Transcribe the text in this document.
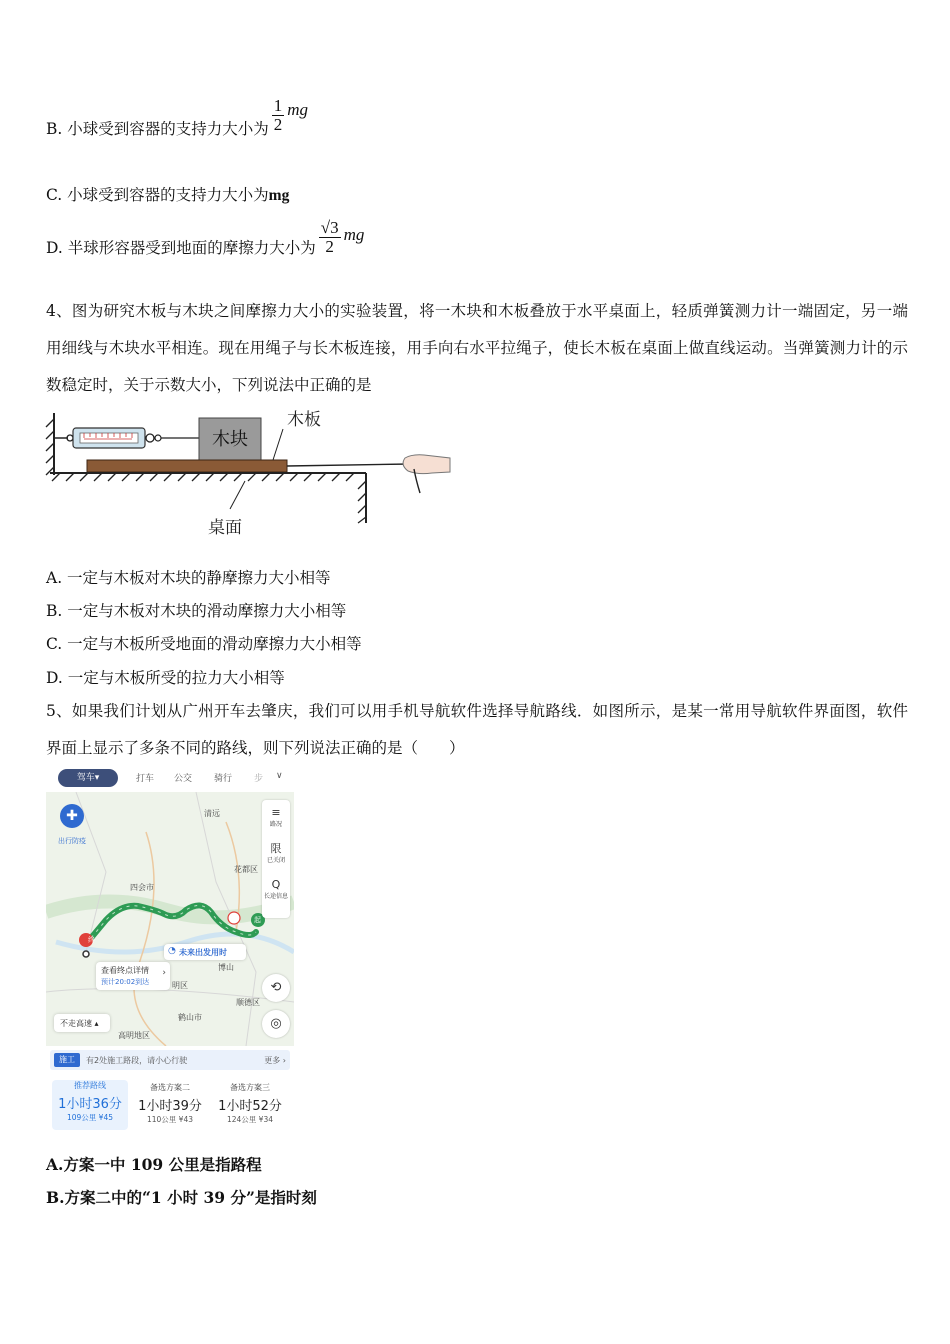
B. 小球受到容器的支持力大小为 $\frac{1}{2}$ mg
C. 小球受到容器的支持力大小为mg
D. 半球形容器受到地面的摩擦力大小为 $\frac{√3}{2}$ mg
4、图为研究木板与木块之间摩擦力大小的实验装置，将一木块和木板叠放于水平桌面上，轻质弹簧测力计一端固定，另一端用细线与木块水平相连。现在用绳子与长木板连接，用手向右水平拉绳子，使长木板在桌面上做直线运动。当弹簧测力计的示数稳定时，关于示数大小，下列说法中正确的是
木块
木板
桌面
A. 一定与木板对木块的静摩擦力大小相等
B. 一定与木板对木块的滑动摩擦力大小相等
C. 一定与木板所受地面的滑动摩擦力大小相等
D. 一定与木板所受的拉力大小相等
5、如果我们计划从广州开车去肇庆，我们可以用手机导航软件选择导航路线．如图所示，是某一常用导航软件界面图，软件界面上显示了多条不同的路线，则下列说法正确的是（　　）
驾车▾	打车 公交 骑行 步 ∨
终
起
✚
出行防疫
清远
花都区
四会市
博山
鹤山市
高明地区
明区
顺德区
≡
路况
限
已关闭
Q
长途信息
◔ 未来出发用时
查看终点详情
预计20:02到达
›
⟲
◎
不走高速 ▴
施工	有2处施工路段，请小心行驶	更多 ›
推荐路线
1小时36分
109公里 ¥45
备选方案二
1小时39分
110公里 ¥43
备选方案三
1小时52分
124公里 ¥34
A.方案一中 109 公里是指路程
B.方案二中的“1 小时 39 分”是指时刻
